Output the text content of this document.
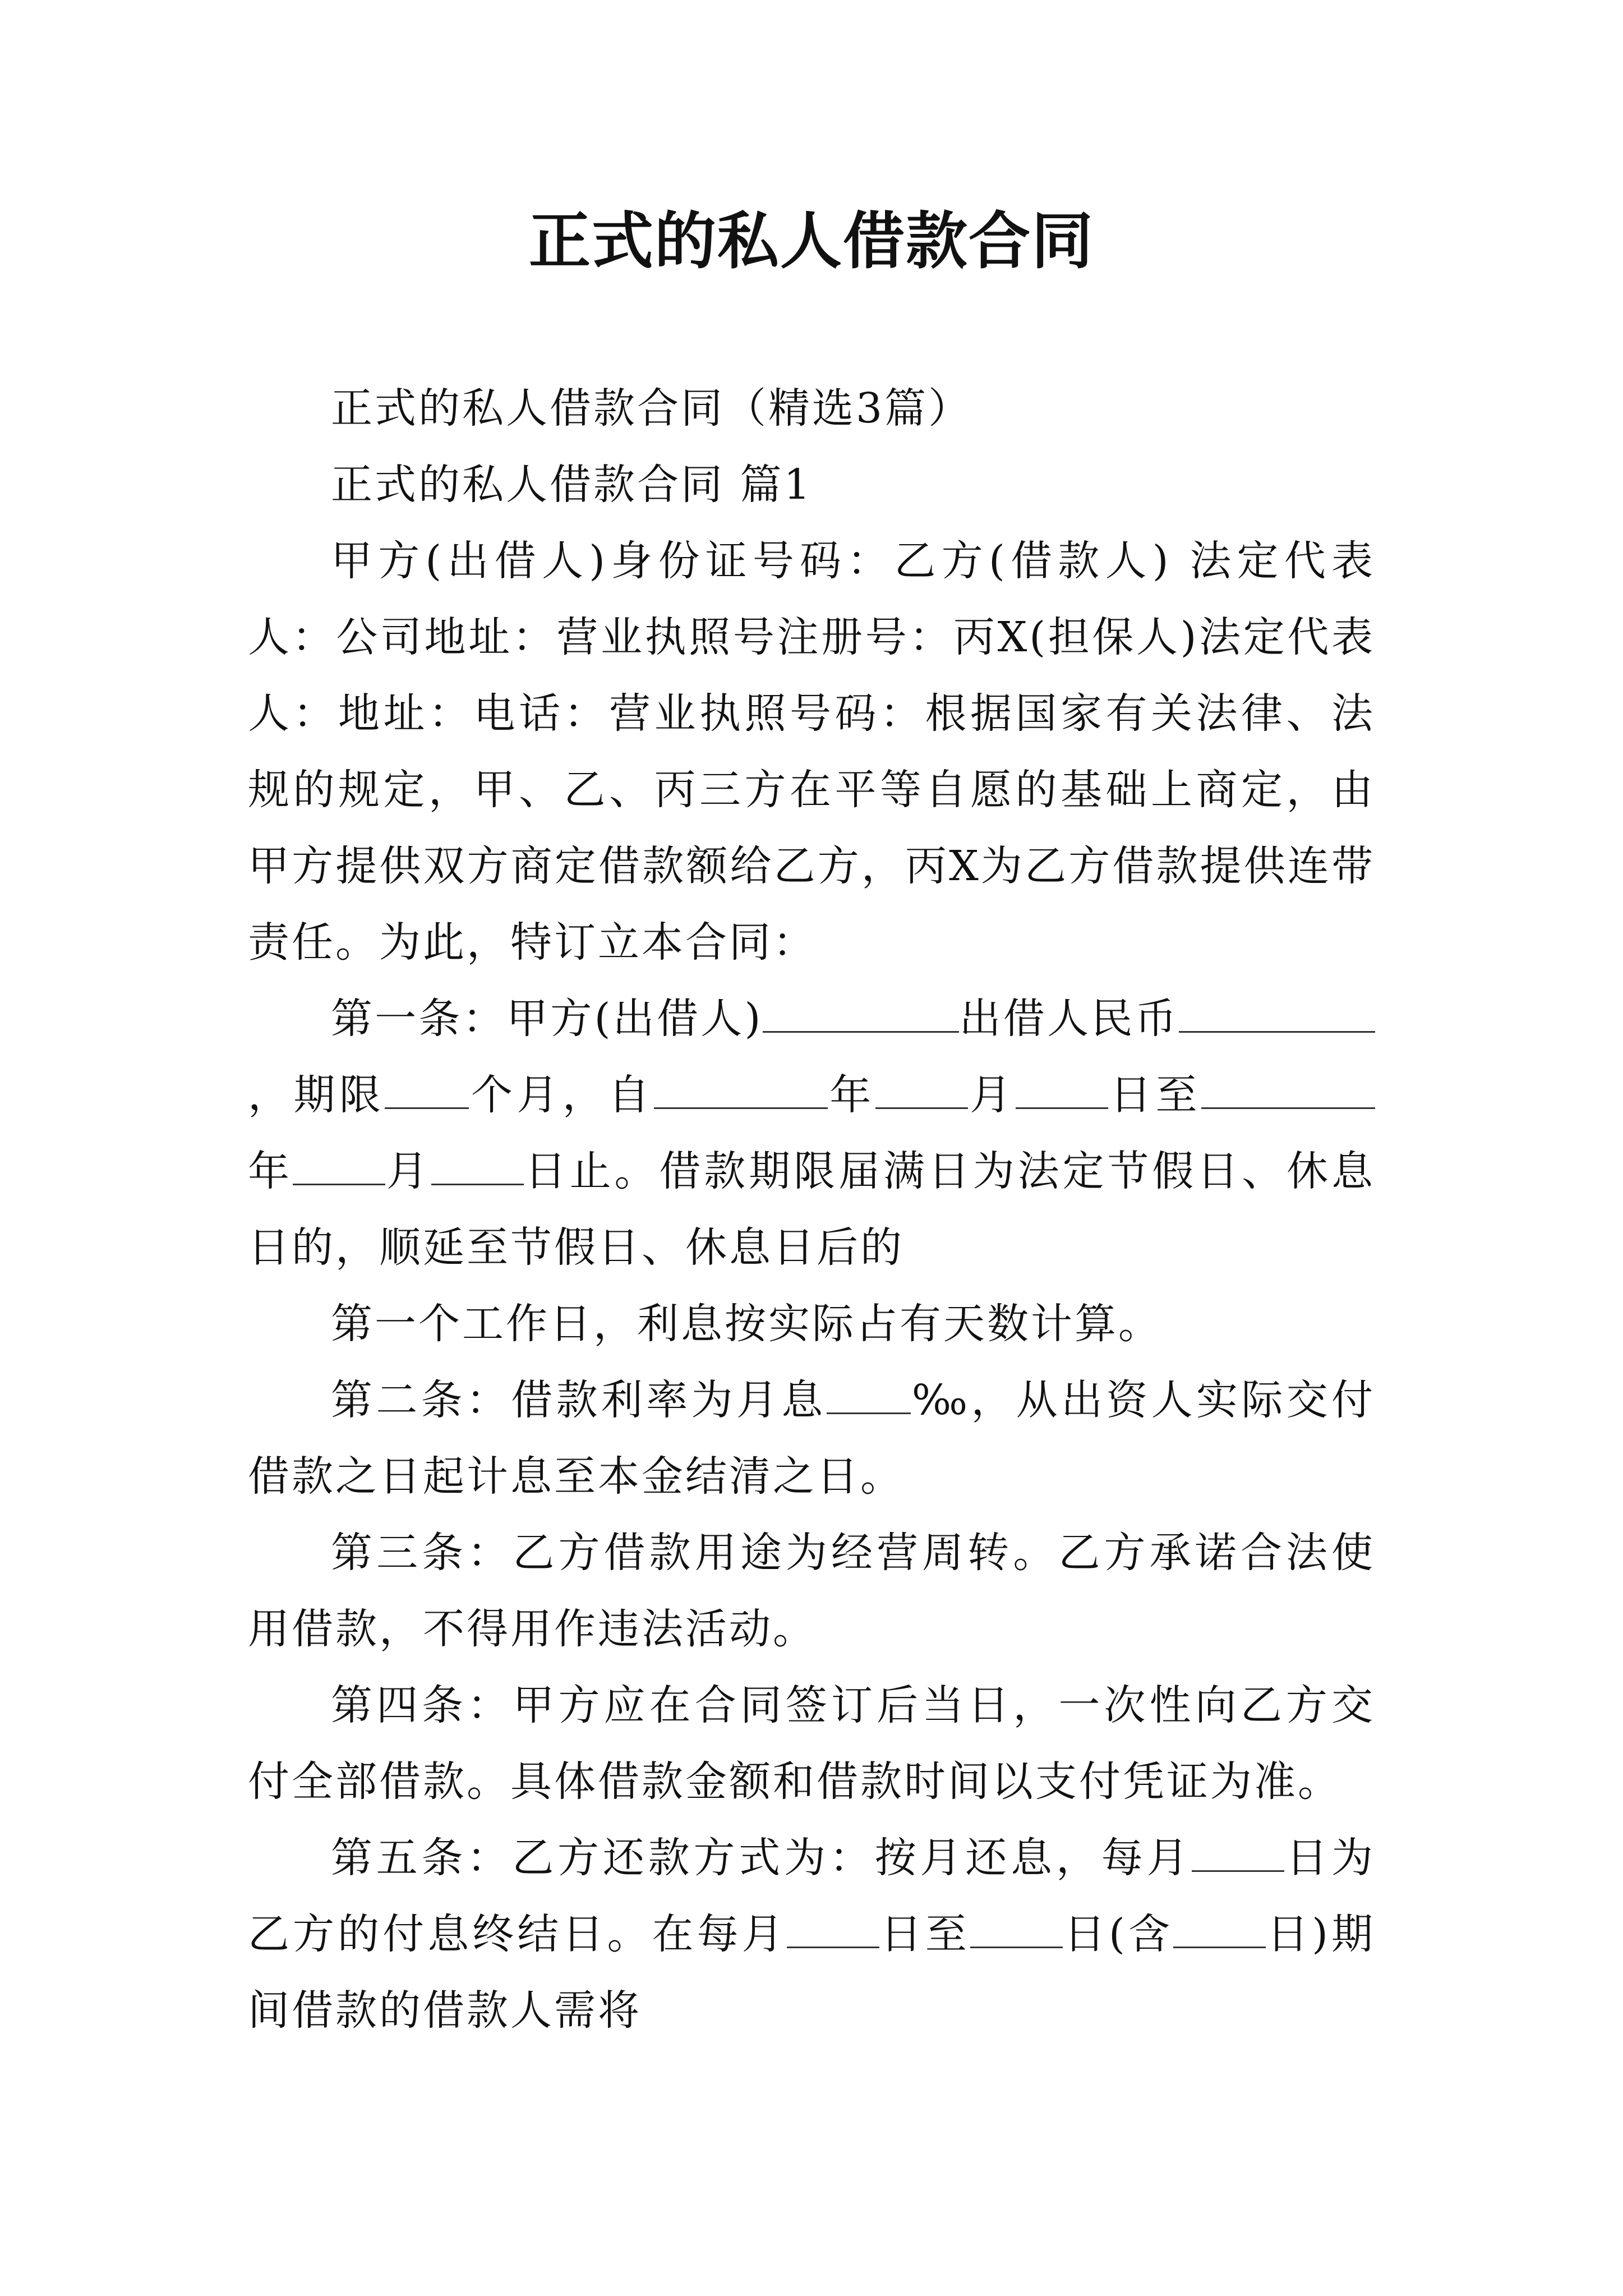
正式的私人借款合同

正式的私人借款合同（精选3篇）

正式的私人借款合同 篇1

甲方(出借人)身份证号码：乙方(借款人) 法定代表人：公司地址：营业执照号注册号：丙X(担保人)法定代表人：地址：电话：营业执照号码：根据国家有关法律、法规的规定，甲、乙、丙三方在平等自愿的基础上商定，由甲方提供双方商定借款额给乙方，丙X为乙方借款提供连带责任。为此，特订立本合同：

第一条：甲方(出借人)	出借人民币，期限 个月，自	年 月 日至年 月 日止。借款期限届满日为法定节假日、休息日的，顺延至节假日、休息日后的

第一个工作日，利息按实际占有天数计算。

第二条：借款利率为月息 ‰，从出资人实际交付借款之日起计息至本金结清之日。

第三条：乙方借款用途为经营周转。乙方承诺合法使用借款，不得用作违法活动。

第四条：甲方应在合同签订后当日，一次性向乙方交付全部借款。具体借款金额和借款时间以支付凭证为准。

第五条：乙方还款方式为：按月还息，每月 日为乙方的付息终结日。在每月 日至 日(含 日)期间借款的借款人需将
